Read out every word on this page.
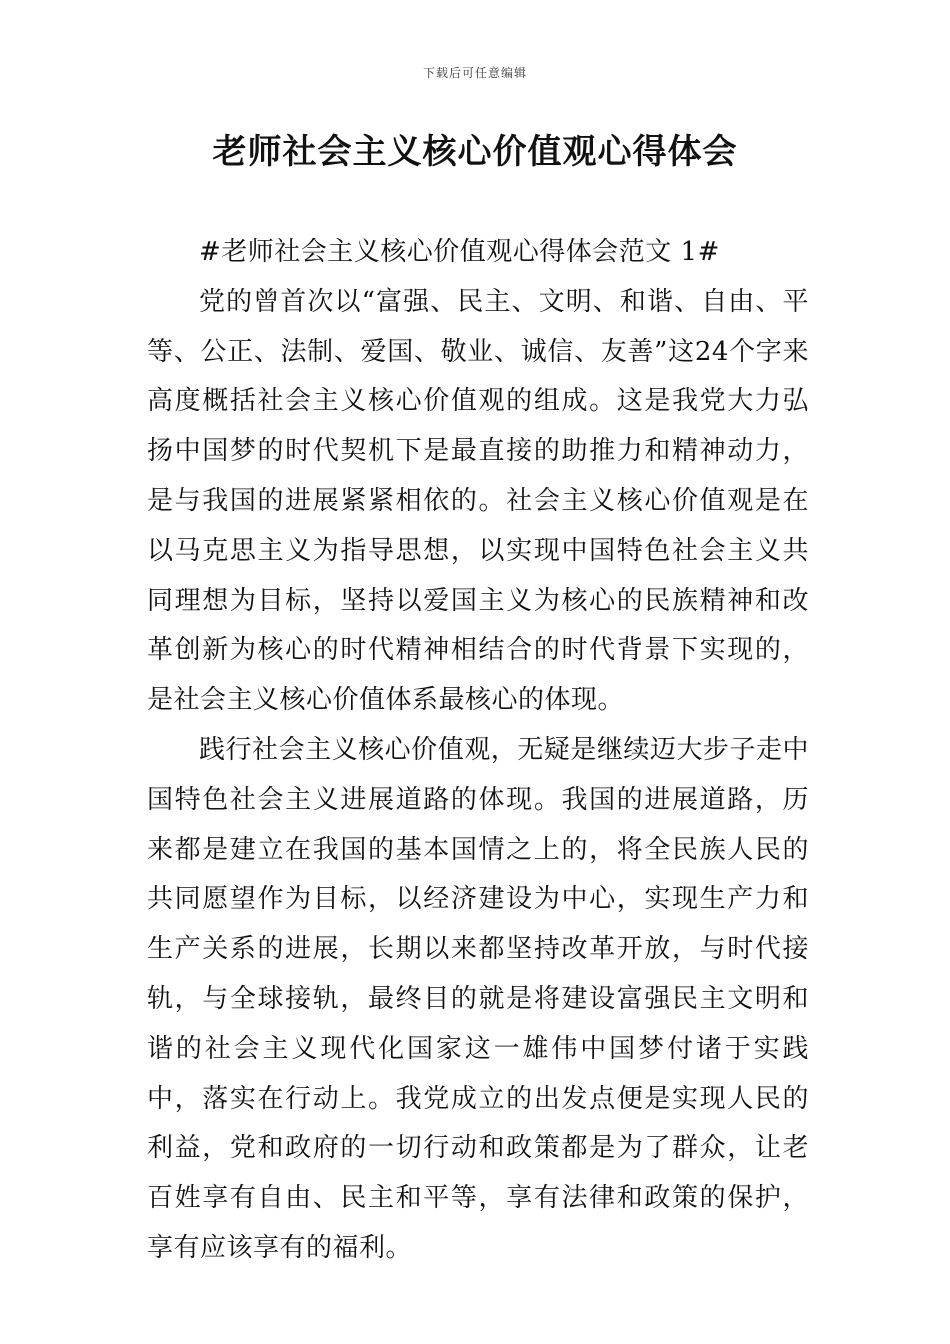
下载后可任意编辑
老师社会主义核心价值观心得体会

#老师社会主义核心价值观心得体会范文 1#

党的曾首次以“富强、民主、文明、和谐、自由、平等、公正、法制、爱国、敬业、诚信、友善”这24个字来高度概括社会主义核心价值观的组成。这是我党大力弘扬中国梦的时代契机下是最直接的助推力和精神动力，是与我国的进展紧紧相依的。社会主义核心价值观是在以马克思主义为指导思想，以实现中国特色社会主义共同理想为目标，坚持以爱国主义为核心的民族精神和改革创新为核心的时代精神相结合的时代背景下实现的，是社会主义核心价值体系最核心的体现。

践行社会主义核心价值观，无疑是继续迈大步子走中国特色社会主义进展道路的体现。我国的进展道路，历来都是建立在我国的基本国情之上的，将全民族人民的共同愿望作为目标，以经济建设为中心，实现生产力和生产关系的进展，长期以来都坚持改革开放，与时代接轨，与全球接轨，最终目的就是将建设富强民主文明和谐的社会主义现代化国家这一雄伟中国梦付诸于实践中，落实在行动上。我党成立的出发点便是实现人民的利益，党和政府的一切行动和政策都是为了群众，让老百姓享有自由、民主和平等，享有法律和政策的保护，享有应该享有的福利。
